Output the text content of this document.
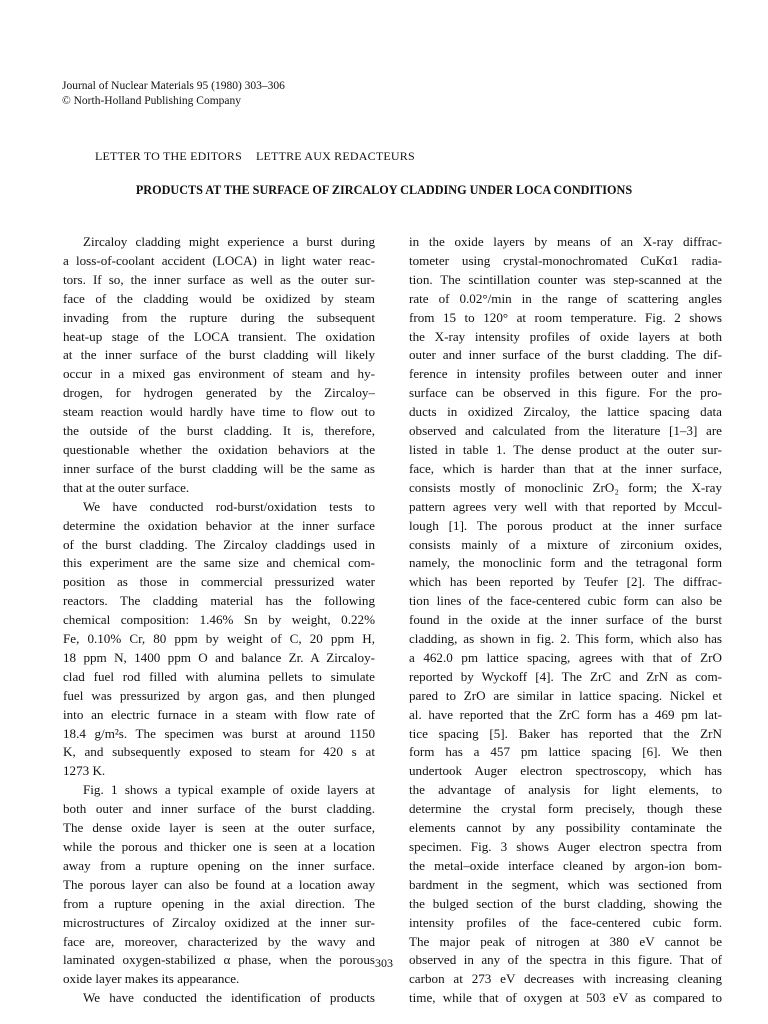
Journal of Nuclear Materials 95 (1980) 303–306
© North-Holland Publishing Company
LETTER TO THE EDITORS LETTRE AUX REDACTEURS
PRODUCTS AT THE SURFACE OF ZIRCALOY CLADDING UNDER LOCA CONDITIONS
Zircaloy cladding might experience a burst during
a loss-of-coolant accident (LOCA) in light water reac-
tors. If so, the inner surface as well as the outer sur-
face of the cladding would be oxidized by steam
invading from the rupture during the subsequent
heat-up stage of the LOCA transient. The oxidation
at the inner surface of the burst cladding will likely
occur in a mixed gas environment of steam and hy-
drogen, for hydrogen generated by the Zircaloy–
steam reaction would hardly have time to flow out to
the outside of the burst cladding. It is, therefore,
questionable whether the oxidation behaviors at the
inner surface of the burst cladding will be the same as
that at the outer surface.
We have conducted rod-burst/oxidation tests to
determine the oxidation behavior at the inner surface
of the burst cladding. The Zircaloy claddings used in
this experiment are the same size and chemical com-
position as those in commercial pressurized water
reactors. The cladding material has the following
chemical composition: 1.46% Sn by weight, 0.22%
Fe, 0.10% Cr, 80 ppm by weight of C, 20 ppm H,
18 ppm N, 1400 ppm O and balance Zr. A Zircaloy-
clad fuel rod filled with alumina pellets to simulate
fuel was pressurized by argon gas, and then plunged
into an electric furnace in a steam with flow rate of
18.4 g/m²s. The specimen was burst at around 1150
K, and subsequently exposed to steam for 420 s at
1273 K.
Fig. 1 shows a typical example of oxide layers at
both outer and inner surface of the burst cladding.
The dense oxide layer is seen at the outer surface,
while the porous and thicker one is seen at a location
away from a rupture opening on the inner surface.
The porous layer can also be found at a location away
from a rupture opening in the axial direction. The
microstructures of Zircaloy oxidized at the inner sur-
face are, moreover, characterized by the wavy and
laminated oxygen-stabilized α phase, when the porous
oxide layer makes its appearance.
We have conducted the identification of products
in the oxide layers by means of an X-ray diffrac-
tometer using crystal-monochromated CuKα1 radia-
tion. The scintillation counter was step-scanned at the
rate of 0.02°/min in the range of scattering angles
from 15 to 120° at room temperature. Fig. 2 shows
the X-ray intensity profiles of oxide layers at both
outer and inner surface of the burst cladding. The dif-
ference in intensity profiles between outer and inner
surface can be observed in this figure. For the pro-
ducts in oxidized Zircaloy, the lattice spacing data
observed and calculated from the literature [1–3] are
listed in table 1. The dense product at the outer sur-
face, which is harder than that at the inner surface,
consists mostly of monoclinic ZrO₂ form; the X-ray
pattern agrees very well with that reported by Mccul-
lough [1]. The porous product at the inner surface
consists mainly of a mixture of zirconium oxides,
namely, the monoclinic form and the tetragonal form
which has been reported by Teufer [2]. The diffrac-
tion lines of the face-centered cubic form can also be
found in the oxide at the inner surface of the burst
cladding, as shown in fig. 2. This form, which also has
a 462.0 pm lattice spacing, agrees with that of ZrO
reported by Wyckoff [4]. The ZrC and ZrN as com-
pared to ZrO are similar in lattice spacing. Nickel et
al. have reported that the ZrC form has a 469 pm lat-
tice spacing [5]. Baker has reported that the ZrN
form has a 457 pm lattice spacing [6]. We then
undertook Auger electron spectroscopy, which has
the advantage of analysis for light elements, to
determine the crystal form precisely, though these
elements cannot by any possibility contaminate the
specimen. Fig. 3 shows Auger electron spectra from
the metal–oxide interface cleaned by argon-ion bom-
bardment in the segment, which was sectioned from
the bulged section of the burst cladding, showing the
intensity profiles of the face-centered cubic form.
The major peak of nitrogen at 380 eV cannot be
observed in any of the spectra in this figure. That of
carbon at 273 eV decreases with increasing cleaning
time, while that of oxygen at 503 eV as compared to
303
